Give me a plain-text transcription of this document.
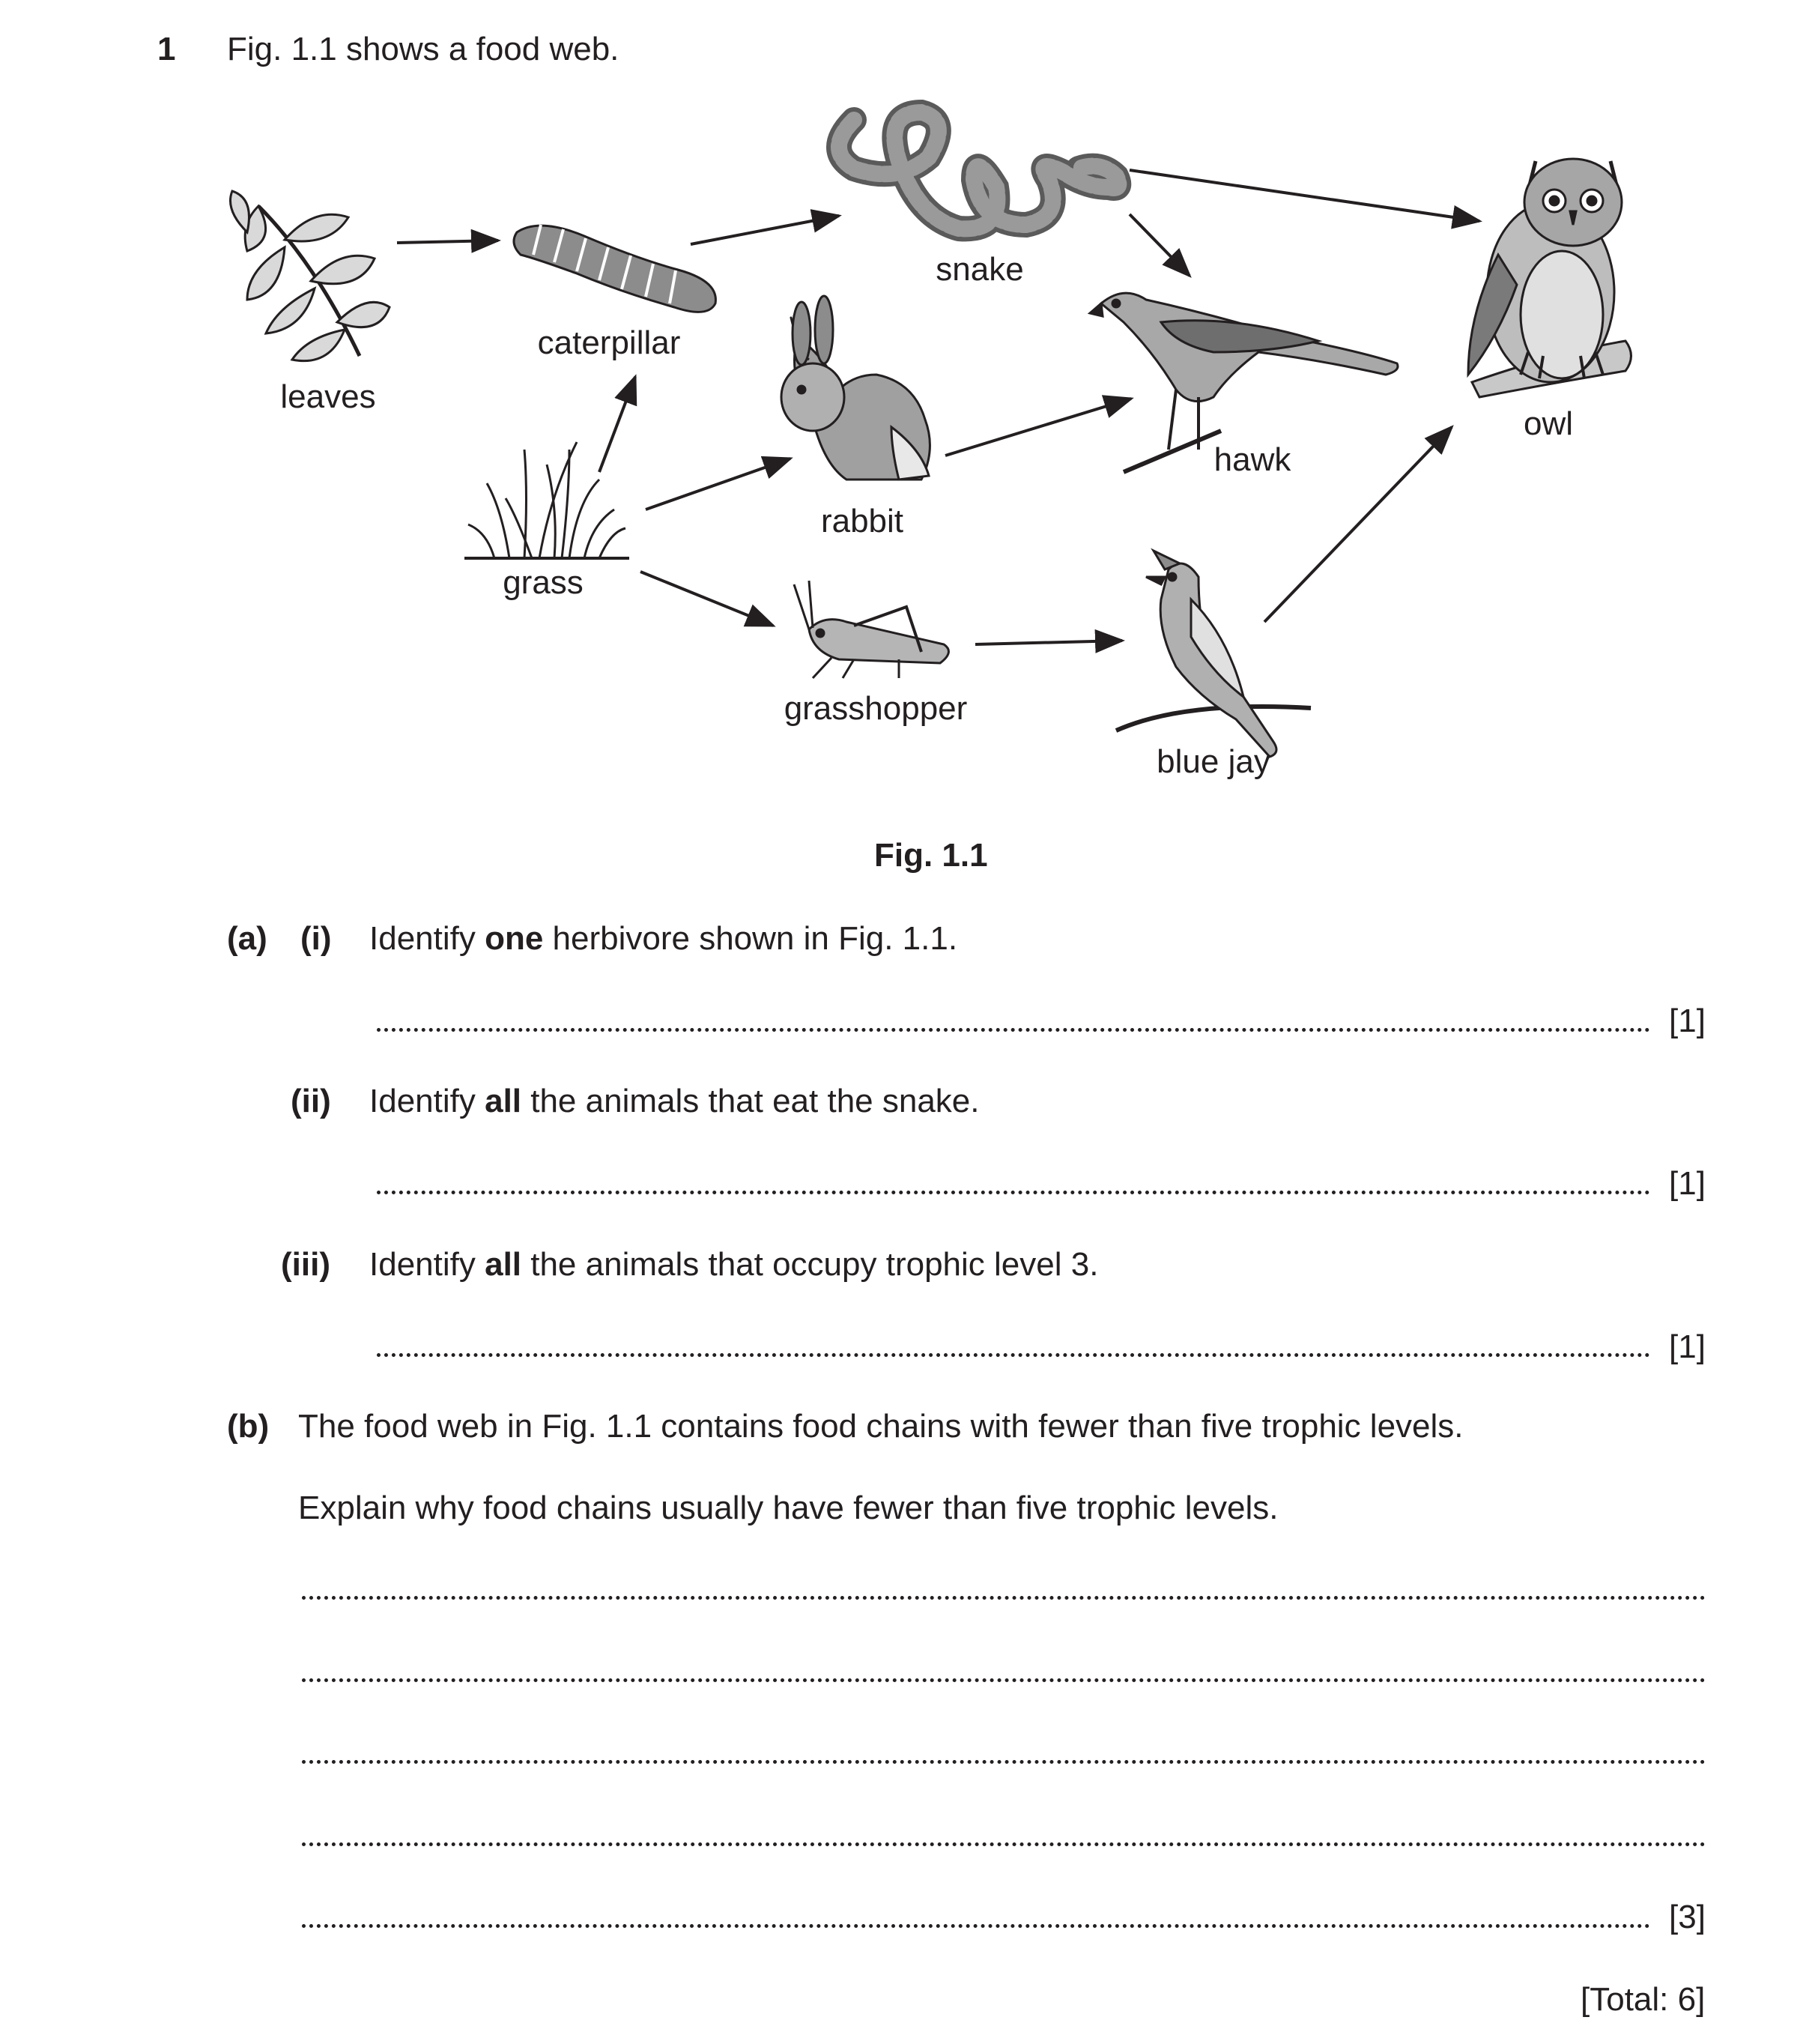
1 Fig. 1.1 shows a food web.
leaves
caterpillar
snake
owl
hawk
rabbit
grass
grasshopper
blue jay
Fig. 1.1
(a) (i) Identify one herbivore shown in Fig. 1.1.
[1]
(ii) Identify all the animals that eat the snake.
[1]
(iii) Identify all the animals that occupy trophic level 3.
[1]
(b) The food web in Fig. 1.1 contains food chains with fewer than five trophic levels.
Explain why food chains usually have fewer than five trophic levels.
[3]
[Total: 6]
